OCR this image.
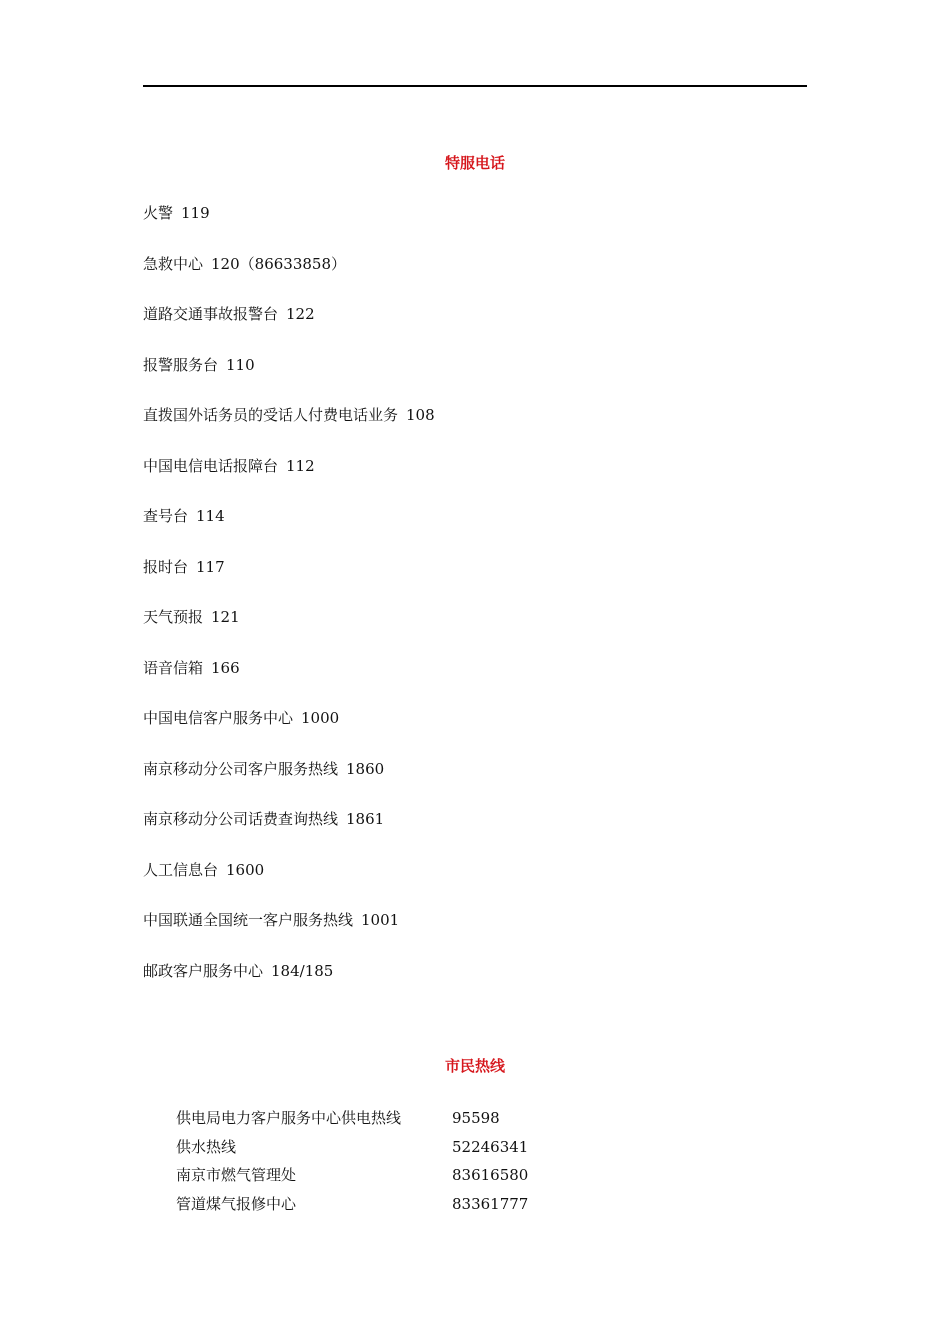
特服电话
火警 119
急救中心 120（86633858）
道路交通事故报警台 122
报警服务台 110
直拨国外话务员的受话人付费电话业务 108
中国电信电话报障台 112
查号台 114
报时台 117
天气预报 121
语音信箱 166
中国电信客户服务中心 1000
南京移动分公司客户服务热线 1860
南京移动分公司话费查询热线 1861
人工信息台 1600
中国联通全国统一客户服务热线 1001
邮政客户服务中心 184/185
市民热线
供电局电力客户服务中心供电热线	95598
供水热线	52246341
南京市燃气管理处	83616580
管道煤气报修中心	83361777
